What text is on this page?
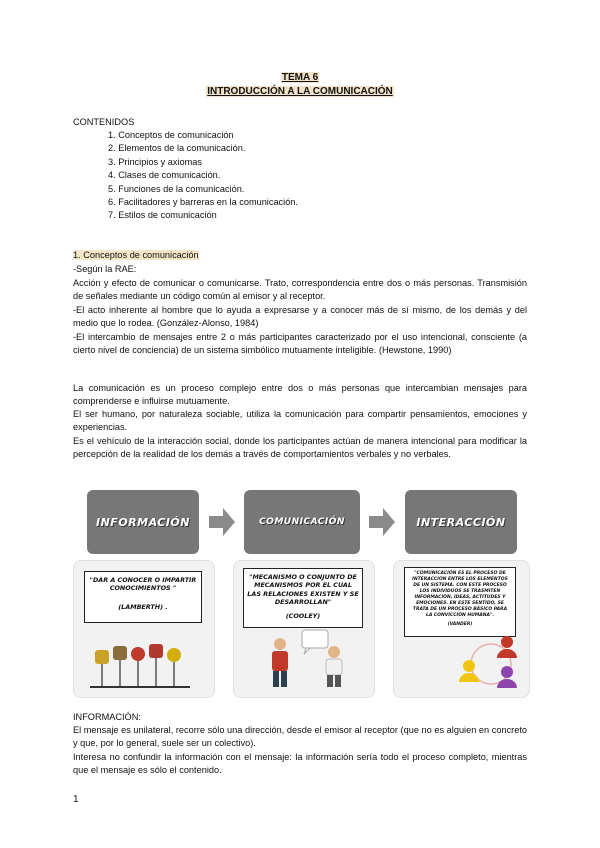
TEMA 6
INTRODUCCIÓN A LA COMUNICACIÓN
CONTENIDOS
1. Conceptos de comunicación
2. Elementos de la comunicación.
3. Principios y axiomas
4. Clases de comunicación.
5. Funciones de la comunicación.
6. Facilitadores y barreras en la comunicación.
7. Estilos de comunicación
1. Conceptos de comunicación
-Según la RAE:
Acción y efecto de comunicar o comunicarse. Trato, correspondencia entre dos o más personas. Transmisión de señales mediante un código común al emisor y al receptor.
-El acto inherente al hombre que lo ayuda a expresarse y a conocer más de sí mismo, de los demás y del medio que lo rodea. (González-Alonso, 1984)
-El intercambio de mensajes entre 2 o más participantes caracterizado por el uso intencional, consciente (a cierto nivel de conciencia) de un sistema simbólico mutuamente inteligible. (Hewstone, 1990)
La comunicación es un proceso complejo entre dos o más personas que intercambian mensajes para comprenderse e influirse mutuamente.
El ser humano, por naturaleza sociable, utiliza la comunicación para compartir pensamientos, emociones y experiencias.
Es el vehículo de la interacción social, donde los participantes actúan de manera intencional para modificar la percepción de la realidad de los demás a través de comportamientos verbales y no verbales.
INFORMACIÓN	COMUNICACIÓN	INTERACCIÓN
"DAR A CONOCER O IMPARTIR CONOCIMIENTOS "
(LAMBERTH) .
"MECANISMO O CONJUNTO DE MECANISMOS POR EL CUAL LAS RELACIONES EXISTEN Y SE DESARROLLAN"
(COOLEY)
"COMUNICACIÓN ES EL PROCESO DE INTERACCIÓN ENTRE LOS ELEMENTOS DE UN SISTEMA. CON ESTE PROCESO LOS INDIVIDUOS SE TRASMITEN INFORMACIÓN, IDEAS, ACTITUDES Y EMOCIONES. EN ESTE SENTIDO, SE TRATA DE UN PROCESO BÁSICO PARA LA CONVICCIÓN HUMANA".
(VANDER)
INFORMACIÓN:
El mensaje es unilateral, recorre sólo una dirección, desde el emisor al receptor (que no es alguien en concreto y que, por lo general, suele ser un colectivo).
Interesa no confundir la información con el mensaje: la información sería todo el proceso completo, mientras que el mensaje es sólo el contenido.
1
